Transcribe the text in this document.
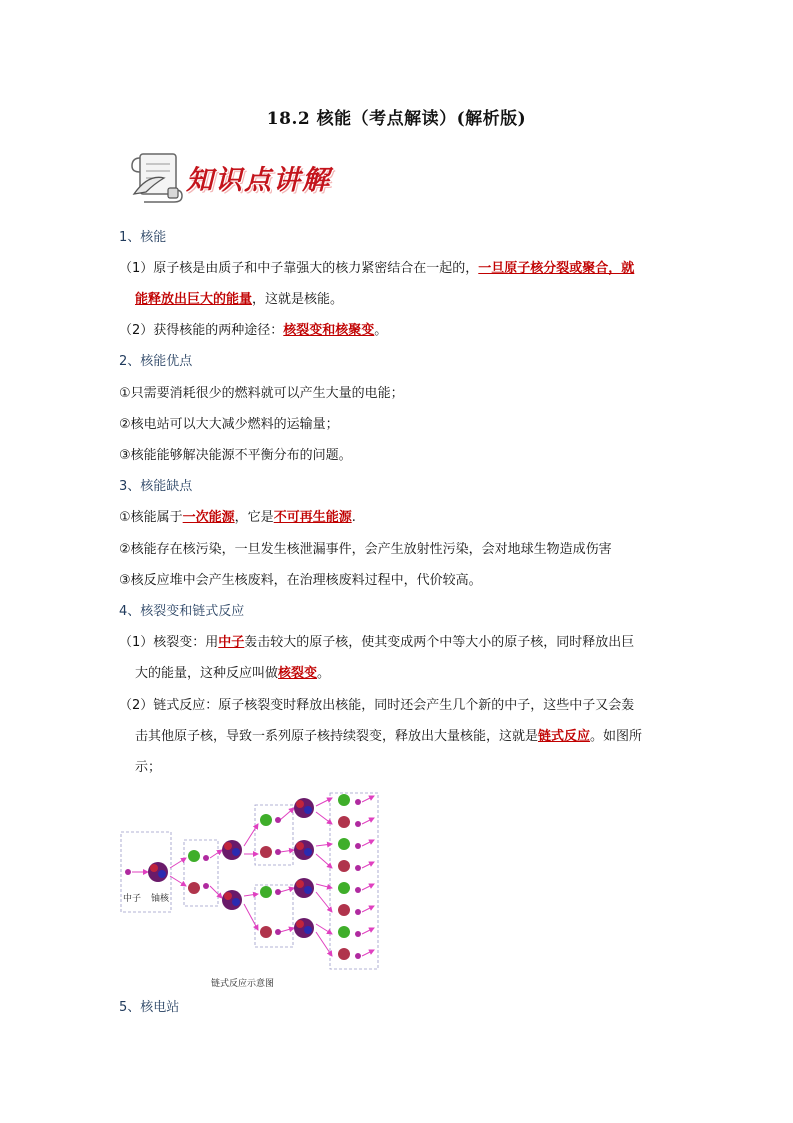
18.2 核能（考点解读）(解析版)
知识点讲解
1、核能
（1）原子核是由质子和中子靠强大的核力紧密结合在一起的，一旦原子核分裂或聚合，就
能释放出巨大的能量，这就是核能。
（2）获得核能的两种途径：核裂变和核聚变。
2、核能优点
①只需要消耗很少的燃料就可以产生大量的电能；
②核电站可以大大减少燃料的运输量；
③核能能够解决能源不平衡分布的问题。
3、核能缺点
①核能属于一次能源，它是不可再生能源.
②核能存在核污染，一旦发生核泄漏事件，会产生放射性污染，会对地球生物造成伤害
③核反应堆中会产生核废料，在治理核废料过程中，代价较高。
4、核裂变和链式反应
（1）核裂变：用中子轰击较大的原子核，使其变成两个中等大小的原子核，同时释放出巨
大的能量，这种反应叫做核裂变。
（2）链式反应：原子核裂变时释放出核能，同时还会产生几个新的中子，这些中子又会轰
击其他原子核，导致一系列原子核持续裂变，释放出大量核能，这就是链式反应。如图所
示；
中子 铀核
链式反应示意图
5、核电站
